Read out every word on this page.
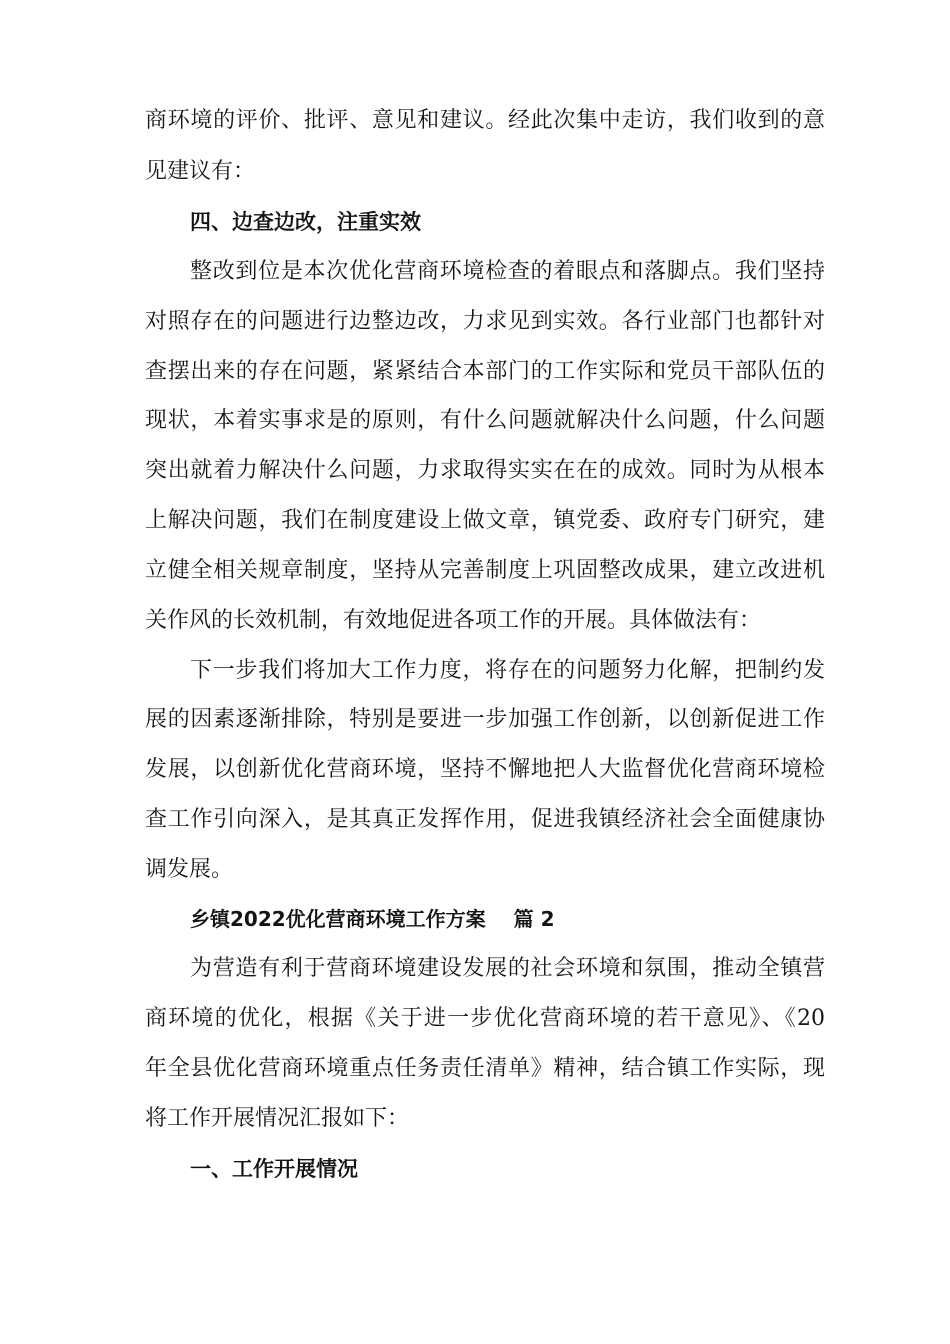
商环境的评价、批评、意见和建议。经此次集中走访，我们收到的意
见建议有：
四、边查边改，注重实效
整改到位是本次优化营商环境检查的着眼点和落脚点。我们坚持
对照存在的问题进行边整边改，力求见到实效。各行业部门也都针对
查摆出来的存在问题，紧紧结合本部门的工作实际和党员干部队伍的
现状，本着实事求是的原则，有什么问题就解决什么问题，什么问题
突出就着力解决什么问题，力求取得实实在在的成效。同时为从根本
上解决问题，我们在制度建设上做文章，镇党委、政府专门研究，建
立健全相关规章制度，坚持从完善制度上巩固整改成果，建立改进机
关作风的长效机制，有效地促进各项工作的开展。具体做法有：
下一步我们将加大工作力度，将存在的问题努力化解，把制约发
展的因素逐渐排除，特别是要进一步加强工作创新，以创新促进工作
发展，以创新优化营商环境，坚持不懈地把人大监督优化营商环境检
查工作引向深入，是其真正发挥作用，促进我镇经济社会全面健康协
调发展。
乡镇2022优化营商环境工作方案 篇 2
为营造有利于营商环境建设发展的社会环境和氛围，推动全镇营
商环境的优化，根据《关于进一步优化营商环境的若干意见》、《20
年全县优化营商环境重点任务责任清单》精神，结合镇工作实际，现
将工作开展情况汇报如下：
一、工作开展情况
